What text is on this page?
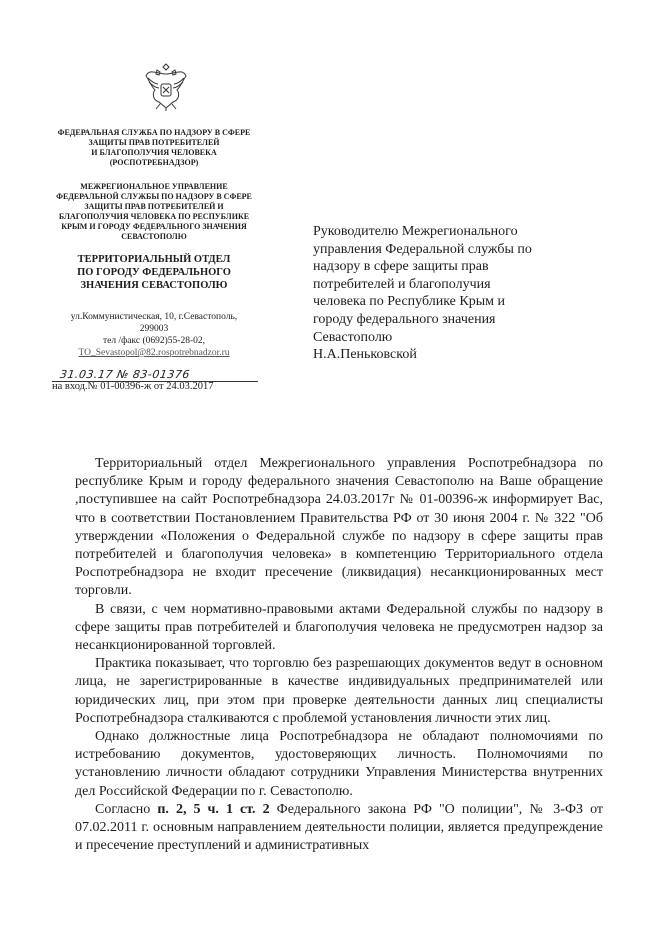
ФЕДЕРАЛЬНАЯ СЛУЖБА ПО НАДЗОРУ В СФЕРЕ
ЗАЩИТЫ ПРАВ ПОТРЕБИТЕЛЕЙ
И БЛАГОПОЛУЧИЯ ЧЕЛОВЕКА
(РОСПОТРЕБНАДЗОР)
МЕЖРЕГИОНАЛЬНОЕ УПРАВЛЕНИЕ
ФЕДЕРАЛЬНОЙ СЛУЖБЫ ПО НАДЗОРУ В СФЕРЕ
ЗАЩИТЫ ПРАВ ПОТРЕБИТЕЛЕЙ И
БЛАГОПОЛУЧИЯ ЧЕЛОВЕКА ПО РЕСПУБЛИКЕ
КРЫМ И ГОРОДУ ФЕДЕРАЛЬНОГО ЗНАЧЕНИЯ
СЕВАСТОПОЛЮ
ТЕРРИТОРИАЛЬНЫЙ ОТДЕЛ
ПО ГОРОДУ ФЕДЕРАЛЬНОГО
ЗНАЧЕНИЯ СЕВАСТОПОЛЮ
ул.Коммунистическая, 10, г.Севастополь,
299003
тел /факс (0692)55-28-02,
TO_Sevastopol@82.rospotrebnadzor.ru
31.03.17 № 83-01376
на вход.№ 01-00396-ж от 24.03.2017
Руководителю Межрегионального
управления Федеральной службы по
надзору в сфере защиты прав
потребителей и благополучия
человека по Республике Крым и
городу федерального значения
Севастополю
Н.А.Пеньковской

Территориальный отдел Межрегионального управления Роспотребнадзора по республике Крым и городу федерального значения Севастополю на Ваше обращение ,поступившее на сайт Роспотребнадзора 24.03.2017г № 01-00396-ж информирует Вас, что в соответствии Постановлением Правительства РФ от 30 июня 2004 г. № 322 "Об утверждении «Положения о Федеральной службе по надзору в сфере защиты прав потребителей и благополучия человека» в компетенцию Территориального отдела Роспотребнадзора не входит пресечение (ликвидация) несанкционированных мест торговли.

В связи, с чем нормативно-правовыми актами Федеральной службы по надзору в сфере защиты прав потребителей и благополучия человека не предусмотрен надзор за несанкционированной торговлей.

Практика показывает, что торговлю без разрешающих документов ведут в основном лица, не зарегистрированные в качестве индивидуальных предпринимателей или юридических лиц, при этом при проверке деятельности данных лиц специалисты Роспотребнадзора сталкиваются с проблемой установления личности этих лиц.

Однако должностные лица Роспотребнадзора не обладают полномочиями по истребованию документов, удостоверяющих личность. Полномочиями по установлению личности обладают сотрудники Управления Министерства внутренних дел Российской Федерации по г. Севастополю.

Согласно п. 2, 5 ч. 1 ст. 2 Федерального закона РФ "О полиции", № 3-ФЗ от 07.02.2011 г. основным направлением деятельности полиции, является предупреждение и пресечение преступлений и административных
